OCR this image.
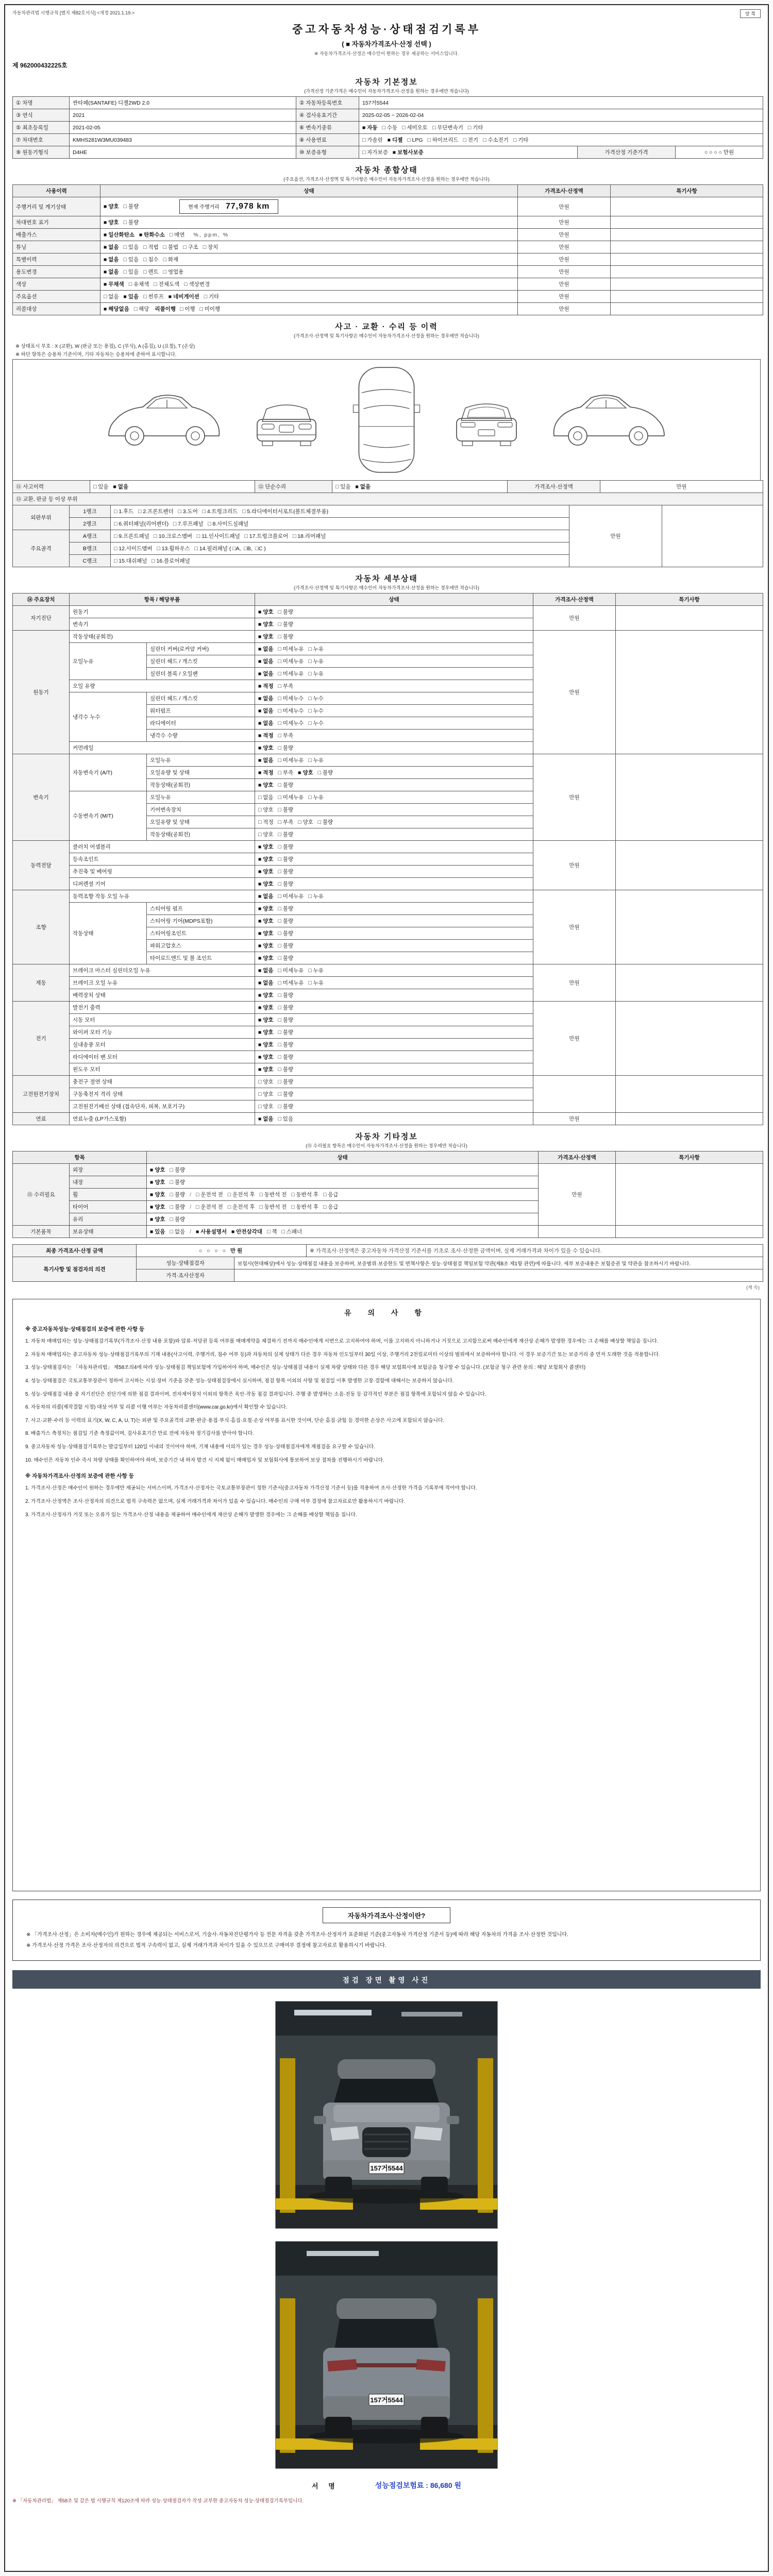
자동차관리법 시행규칙 [별지 제82호서식] <개정 2021.1.19.>	앞 쪽
중고자동차성능·상태점검기록부
( ■ 자동차가격조사·산정 선택 )
※ 자동차가격조사·산정은 매수인이 원하는 경우 제공하는 서비스입니다.
제 962000432225호
자동차 기본정보
(가격산정 기준가격은 매수인이 자동차가격조사·산정을 원하는 경우에만 적습니다)
① 차명	싼타페(SANTAFE) 디젤2WD 2.0	② 자동차등록번호	157거5544		
③ 연식	2021	④ 검사유효기간	2025-02-05 ~ 2026-02-04		
⑤ 최초등록일	2021-02-05	⑥ 변속기종류	■ 자동 □ 수동 □ 세미오토 □ 무단변속기 □ 기타		
⑦ 차대번호	KMHS281W3MU039483	⑧ 사용연료	□ 가솔린 ■ 디젤 □ LPG □ 하이브리드 □ 전기 □ 수소전기 □ 기타		
⑨ 원동기형식	D4HE	⑩ 보증유형	□ 자가보증 ■ 보험사보증	가격산정 기준가격	○ ○ ○ ○ 만원
자동차 종합상태
(주요옵션, 가격조사·산정액 및 특기사항은 매수인이 자동차가격조사·산정을 원하는 경우에만 적습니다)
사용이력	상태	가격조사·산정액	특기사항
주행거리 및 계기상태	■ 양호 □ 불량 현재 주행거리 77,978 km	만원	
차대번호 표기	■ 양호 □ 불량	만원	
배출가스	■ 일산화탄소 ■ 탄화수소 □ 매연 %, ppm, %	만원	
튜닝	■ 없음 □ 있음 □ 적법 □ 불법 □ 구조 □ 장치	만원	
특별이력	■ 없음 □ 있음 □ 침수 □ 화재	만원	
용도변경	■ 없음 □ 있음 □ 렌트 □ 영업용	만원	
색상	■ 무채색 □ 유채색 □ 전체도색 □ 색상변경	만원	
주요옵션	□ 없음 ■ 있음 □ 썬루프 ■ 네비게이션 □ 기타	만원	
리콜대상	■ 해당없음 □ 해당 리콜이행 □ 이행 □ 미이행	만원	
사고 · 교환 · 수리 등 이력
(가격조사·산정액 및 특기사항은 매수인이 자동차가격조사·산정을 원하는 경우에만 적습니다)
※ 상태표시 부호 : X (교환), W (판금 또는 용접), C (부식), A (흠집), U (요철), T (손상)
※ 하단 항목은 승용차 기준이며, 기타 자동차는 승용차에 준하여 표시합니다.
⑪ 사고이력	□ 있음 ■ 없음	⑫ 단순수리	□ 있음 ■ 없음	가격조사·산정액	만원
⑬ 교환, 판금 등 이상 부위				
외판부위	1랭크	□ 1.후드   □ 2.프론트펜더   □ 3.도어   □ 4.트렁크리드   □ 5.라디에이터서포트(볼트체결부품)	만원	
	2랭크	□ 6.쿼터패널(리어펜더)   □ 7.루프패널   □ 8.사이드실패널		
주요골격	A랭크	□ 9.프론트패널   □ 10.크로스멤버   □ 11.인사이드패널   □ 17.트렁크플로어   □ 18.리어패널		
	B랭크	□ 12.사이드멤버   □ 13.휠하우스   □ 14.필러패널 ( □A,  □B,  □C )		
	C랭크	□ 15.대쉬패널   □ 16.플로어패널		
자동차 세부상태
(가격조사·산정액 및 특기사항은 매수인이 자동차가격조사·산정을 원하는 경우에만 적습니다)
⑭ 주요장치	항목 / 해당부품		상태	가격조사·산정액	특기사항
자기진단	원동기		■ 양호 □ 불량	만원	
	변속기		■ 양호 □ 불량		
원동기	작동상태(공회전)		■ 양호 □ 불량	만원	
	오일누유	실린더 커버(로커암 커버)	■ 없음 □ 미세누유 □ 누유		
		실린더 헤드 / 개스킷	■ 없음 □ 미세누유 □ 누유		
		실린더 블록 / 오일팬	■ 없음 □ 미세누유 □ 누유		
	오일 유량		■ 적정 □ 부족		
	냉각수 누수	실린더 헤드 / 개스킷	■ 없음 □ 미세누수 □ 누수		
		워터펌프	■ 없음 □ 미세누수 □ 누수		
		라디에이터	■ 없음 □ 미세누수 □ 누수		
		냉각수 수량	■ 적정 □ 부족		
	커먼레일		■ 양호 □ 불량		
변속기	자동변속기 (A/T)	오일누유	■ 없음 □ 미세누유 □ 누유	만원	
		오일유량 및 상태	■ 적정 □ 부족 ■ 양호 □ 불량		
		작동상태(공회전)	■ 양호 □ 불량		
	수동변속기 (M/T)	오일누유	□ 없음 □ 미세누유 □ 누유		
		기어변속장치	□ 양호 □ 불량		
		오일유량 및 상태	□ 적정 □ 부족 □ 양호 □ 불량		
		작동상태(공회전)	□ 양호 □ 불량		
동력전달	클러치 어셈블리		■ 양호 □ 불량	만원	
	등속조인트		■ 양호 □ 불량		
	추진축 및 베어링		■ 양호 □ 불량		
	디퍼렌셜 기어		■ 양호 □ 불량		
조향	동력조향 작동 오일 누유		■ 없음 □ 미세누유 □ 누유	만원	
	작동상태	스티어링 펌프	■ 양호 □ 불량		
		스티어링 기어(MDPS포함)	■ 양호 □ 불량		
		스티어링조인트	■ 양호 □ 불량		
		파워고압호스	■ 양호 □ 불량		
		타이로드엔드 및 볼 조인트	■ 양호 □ 불량		
제동	브레이크 마스터 실린더오일 누유		■ 없음 □ 미세누유 □ 누유	만원	
	브레이크 오일 누유		■ 없음 □ 미세누유 □ 누유		
	배력장치 상태		■ 양호 □ 불량		
전기	발전기 출력		■ 양호 □ 불량	만원	
	시동 모터		■ 양호 □ 불량		
	와이퍼 모터 기능		■ 양호 □ 불량		
	실내송풍 모터		■ 양호 □ 불량		
	라디에이터 팬 모터		■ 양호 □ 불량		
	윈도우 모터		■ 양호 □ 불량		
고전원전기장치	충전구 절연 상태		□ 양호 □ 불량		
	구동축전지 격리 상태		□ 양호 □ 불량		
	고전원전기배선 상태 (접속단자, 피복, 보호기구)		□ 양호 □ 불량		
연료	연료누출 (LP가스포함)		■ 없음 □ 있음	만원	
자동차 기타정보
(⑮ 수리필요 항목은 매수인이 자동차가격조사·산정을 원하는 경우에만 적습니다)
항목		상태	가격조사·산정액	특기사항
⑮ 수리필요	외장	■ 양호 □ 불량	만원	
	내장	■ 양호 □ 불량		
	휠	■ 양호 □ 불량 / □ 운전석 전 □ 운전석 후 □ 동반석 전 □ 동반석 후 □ 응급		
	타이어	■ 양호 □ 불량 / □ 운전석 전 □ 운전석 후 □ 동반석 전 □ 동반석 후 □ 응급		
	유리	■ 양호 □ 불량		
기본품목	보유상태	■ 있음 □ 없음 / ■ 사용설명서 ■ 안전삼각대 □ 잭 □ 스패너		
최종 가격조사·산정 금액	○ ○ ○ ○ 만원	※ 가격조사·산정액은 중고자동차 가격산정 기준서를 기초로 조사·산정한 금액이며, 실제 거래가격과 차이가 있을 수 있습니다.
특기사항 및 점검자의 의견	성능·상태점검자	보험사(현대해상)에서 성능·상태점검 내용을 보증하며, 보증범위·보증한도 및 면책사항은 성능·상태점검 책임보험 약관(제8조 제1항 관련)에 따릅니다. 세부 보증내용은 보험증권 및 약관을 참조하시기 바랍니다.
	가격·조사산정자	
(계 속)
유 의 사 항
※ 중고자동차성능·상태점검의 보증에 관한 사항 등
1. 자동차 매매업자는 성능·상태점검기록부(가격조사·산정 내용 포함)와 압류·저당권 등록 여부를 매매계약을 체결하기 전까지 매수인에게 서면으로 고지하여야 하며, 이를 고지하지 아니하거나 거짓으로 고지함으로써 매수인에게 재산상 손해가 발생한 경우에는 그 손해를 배상할 책임을 집니다.
2. 자동차 매매업자는 중고자동차 성능·상태점검기록부의 기재 내용(사고이력, 주행거리, 침수 여부 등)과 자동차의 실제 상태가 다른 경우 자동차 인도일부터 30일 이상, 주행거리 2천킬로미터 이상의 범위에서 보증하여야 합니다. 이 경우 보증기간 또는 보증거리 중 먼저 도래한 것을 적용합니다.
3. 성능·상태점검자는 「자동차관리법」 제58조의4에 따라 성능·상태점검 책임보험에 가입하여야 하며, 매수인은 성능·상태점검 내용이 실제 차량 상태와 다른 경우 해당 보험회사에 보험금을 청구할 수 있습니다. (보험금 청구 관련 문의 : 해당 보험회사 콜센터)
4. 성능·상태점검은 국토교통부장관이 정하여 고시하는 시설·장비 기준을 갖춘 성능·상태점검장에서 실시하며, 점검 항목 이외의 사항 및 점검일 이후 발생한 고장·결함에 대해서는 보증하지 않습니다.
5. 성능·상태점검 내용 중 자기진단은 진단기에 의한 점검 결과이며, 전자제어장치 이외의 항목은 육안·작동 점검 결과입니다. 주행 중 발생하는 소음·진동 등 감각적인 부분은 점검 항목에 포함되지 않을 수 있습니다.
6. 자동차의 리콜(제작결함 시정) 대상 여부 및 리콜 이행 여부는 자동차리콜센터(www.car.go.kr)에서 확인할 수 있습니다.
7. 사고·교환·수리 등 이력의 표기(X, W, C, A, U, T)는 외판 및 주요골격의 교환·판금·용접·부식·흠집·요철·손상 여부를 표시한 것이며, 단순 흠집·긁힘 등 경미한 손상은 사고에 포함되지 않습니다.
8. 배출가스 측정치는 점검일 기준 측정값이며, 검사유효기간 만료 전에 자동차 정기검사를 받아야 합니다.
9. 중고자동차 성능·상태점검기록부는 발급일부터 120일 이내의 것이어야 하며, 기재 내용에 이의가 있는 경우 성능·상태점검자에게 재점검을 요구할 수 있습니다.
10. 매수인은 자동차 인수 즉시 차량 상태를 확인하여야 하며, 보증기간 내 하자 발견 시 지체 없이 매매업자 및 보험회사에 통보하여 보상 절차를 진행하시기 바랍니다.
※ 자동차가격조사·산정의 보증에 관한 사항 등
1. 가격조사·산정은 매수인이 원하는 경우에만 제공되는 서비스이며, 가격조사·산정자는 국토교통부장관이 정한 기준서(중고자동차 가격산정 기준서 등)를 적용하여 조사·산정한 가격을 기록부에 적어야 합니다.
2. 가격조사·산정액은 조사·산정자의 의견으로 법적 구속력은 없으며, 실제 거래가격과 차이가 있을 수 있습니다. 매수인의 구매 여부 결정에 참고자료로만 활용하시기 바랍니다.
3. 가격조사·산정자가 거짓 또는 오류가 있는 가격조사·산정 내용을 제공하여 매수인에게 재산상 손해가 발생한 경우에는 그 손해를 배상할 책임을 집니다.
자동차가격조사·산정이란?

※ 「가격조사·산정」은 소비자(매수인)가 원하는 경우에 제공되는 서비스로서, 기술사·자동차진단평가사 등 전문 자격을 갖춘 가격조사·산정자가 표준화된 기준(중고자동차 가격산정 기준서 등)에 따라 해당 자동차의 가격을 조사·산정한 것입니다.

※ 가격조사·산정 가격은 조사·산정자의 의견으로 법적 구속력이 없고, 실제 거래가격과 차이가 있을 수 있으므로 구매여부 결정에 참고자료로 활용하시기 바랍니다.

점검 장면 촬영 사진
157거5544
157거5544
서 명	성능점검보험료 : 86,680 원
※ 「자동차관리법」 제58조 및 같은 법 시행규칙 제120조에 따라 성능·상태점검자가 작성·교부한 중고자동차 성능·상태점검기록부입니다.
